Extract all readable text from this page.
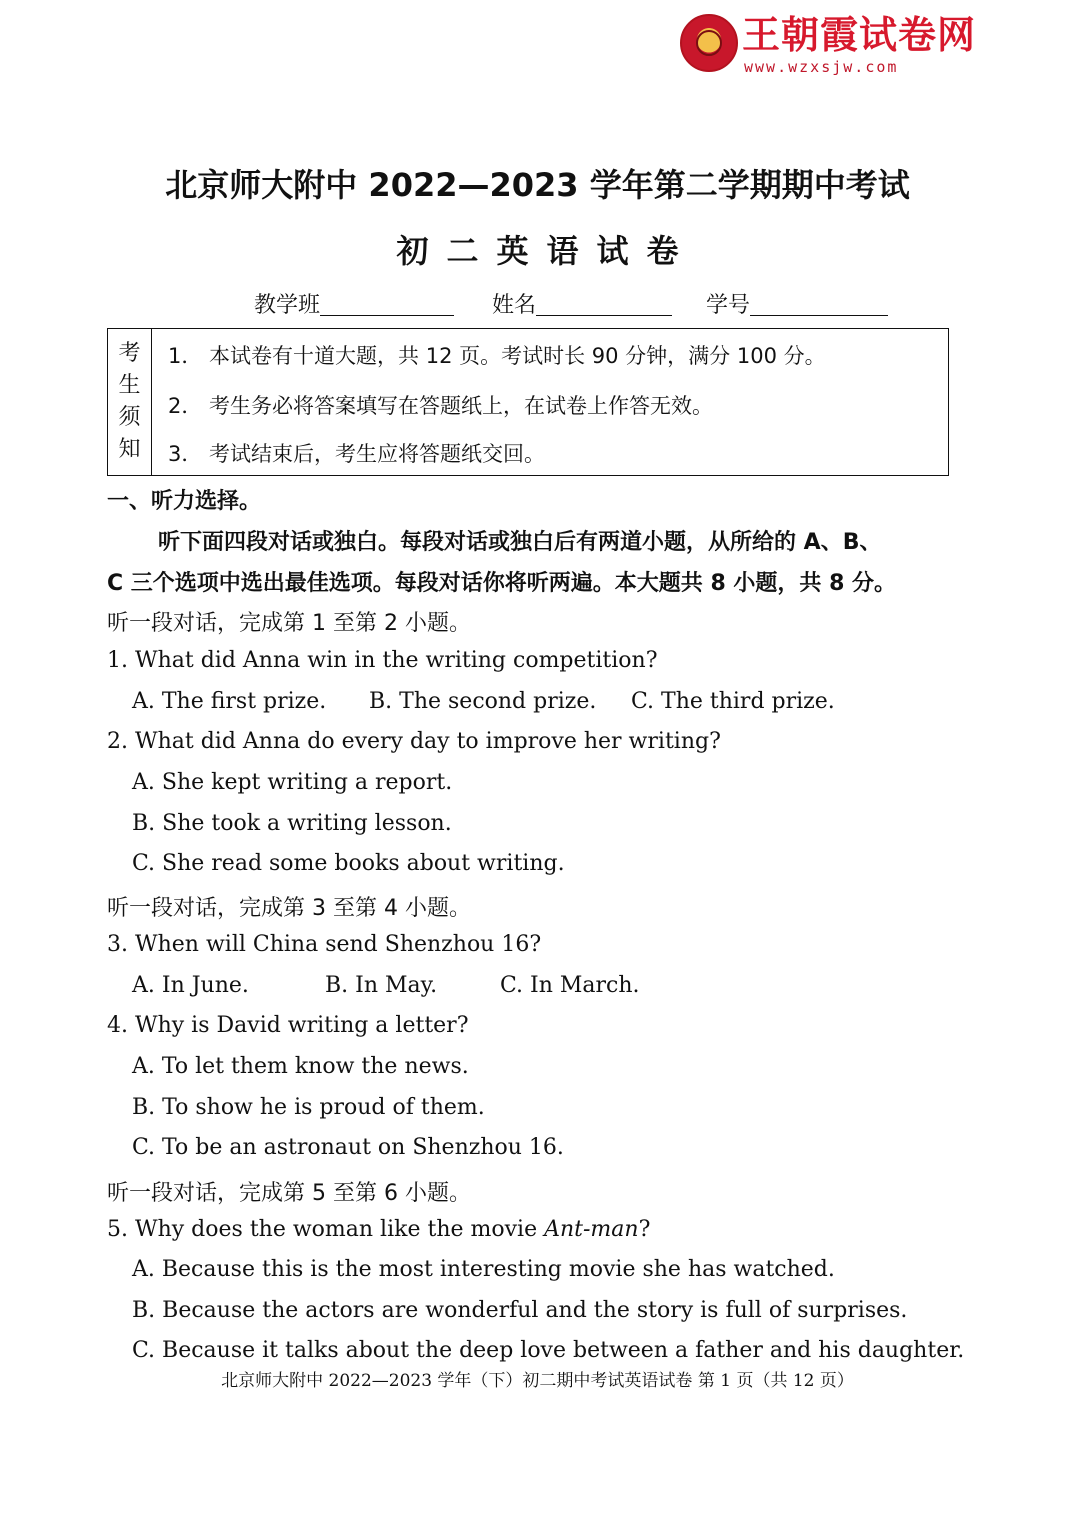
王朝霞试卷网
www.wzxsjw.com
北京师大附中 2022—2023 学年第二学期期中考试
初二英语试卷
教学班	姓名	学号
考
生
须
知
1． 本试卷有十道大题，共 12 页。考试时长 90 分钟，满分 100 分。
2． 考生务必将答案填写在答题纸上，在试卷上作答无效。
3． 考试结束后，考生应将答题纸交回。
一、听力选择。
听下面四段对话或独白。每段对话或独白后有两道小题，从所给的 A、B、
C 三个选项中选出最佳选项。每段对话你将听两遍。本大题共 8 小题，共 8 分。
听一段对话，完成第 1 至第 2 小题。
1. What did Anna win in the writing competition?
A. The first prize. B. The second prize. C. The third prize.
2. What did Anna do every day to improve her writing?
A. She kept writing a report.
B. She took a writing lesson.
C. She read some books about writing.
听一段对话，完成第 3 至第 4 小题。
3. When will China send Shenzhou 16?
A. In June.	B. In May.	C. In March.
4. Why is David writing a letter?
A. To let them know the news.
B. To show he is proud of them.
C. To be an astronaut on Shenzhou 16.
听一段对话，完成第 5 至第 6 小题。
5. Why does the woman like the movie Ant-man?
A. Because this is the most interesting movie she has watched.
B. Because the actors are wonderful and the story is full of surprises.
C. Because it talks about the deep love between a father and his daughter.
北京师大附中 2022—2023 学年（下）初二期中考试英语试卷 第 1 页（共 12 页）
